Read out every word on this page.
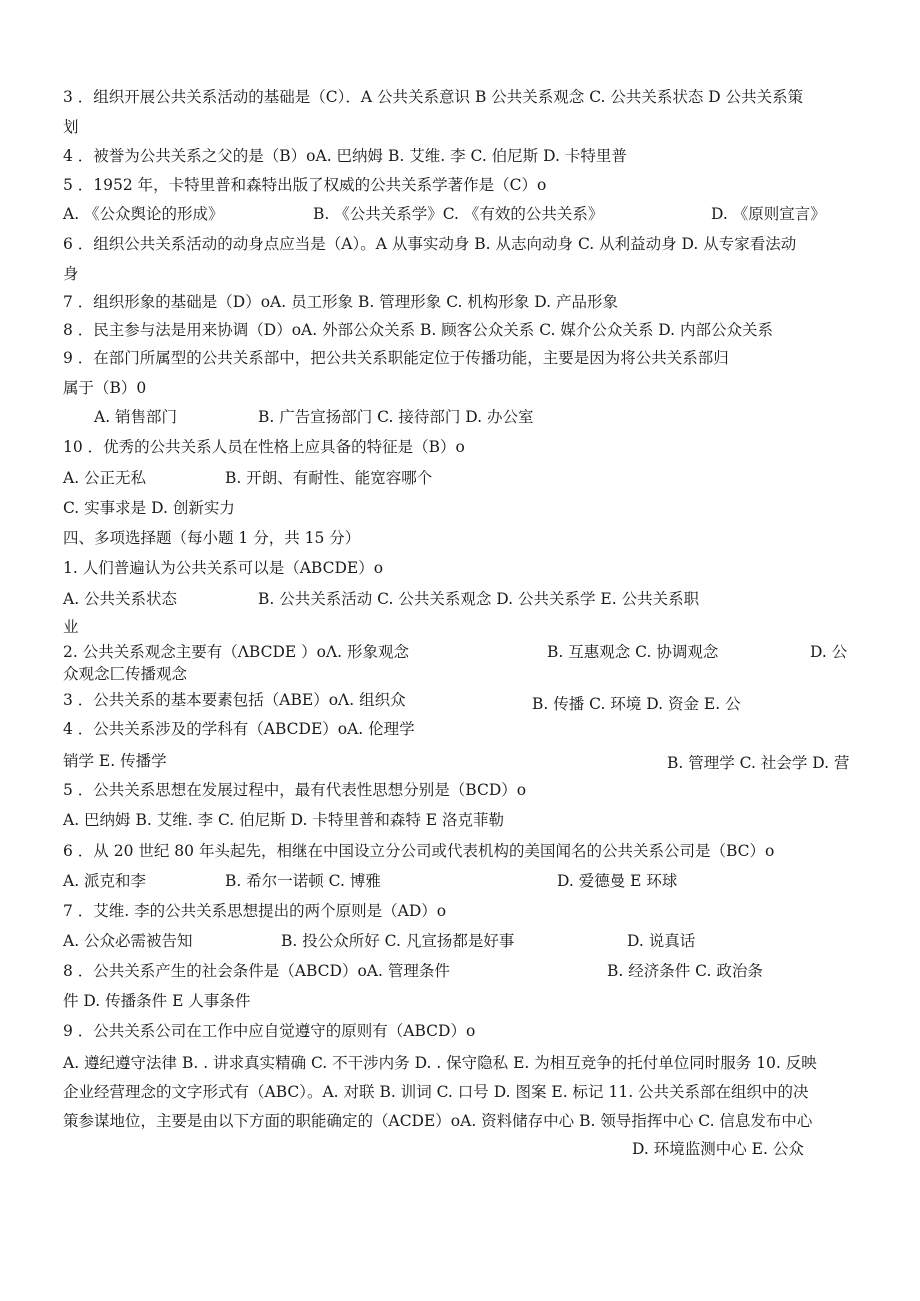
3 ．组织开展公共关系活动的基础是（C）．A 公共关系意识 B 公共关系观念 C. 公共关系状态 D 公共关系策
划
4 ．被誉为公共关系之父的是（B）oA. 巴纳姆 B. 艾维. 李 C. 伯尼斯 D. 卡特里普
5 ．1952 年，卡特里普和森特出版了权威的公共关系学著作是（C）o
A. 《公众舆论的形成》	B. 《公共关系学》C. 《有效的公共关系》	D. 《原则宣言》
6 ．组织公共关系活动的动身点应当是（A）。A 从事实动身 B. 从志向动身 C. 从利益动身 D. 从专家看法动
身
7 ．组织形象的基础是（D）oA. 员工形象 B. 管理形象 C. 机构形象 D. 产品形象
8 ．民主参与法是用来协调（D）oA. 外部公众关系 B. 顾客公众关系 C. 媒介公众关系 D. 内部公众关系
9 ．在部门所属型的公共关系部中，把公共关系职能定位于传播功能，主要是因为将公共关系部归
属于（B）0
A. 销售部门	B. 广告宣扬部门 C. 接待部门 D. 办公室
10 ．优秀的公共关系人员在性格上应具备的特征是（B）o
A. 公正无私	B. 开朗、有耐性、能宽容哪个
C. 实事求是 D. 创新实力
四、多项选择题（每小题 1 分，共 15 分）
1. 人们普遍认为公共关系可以是（ABCDE）o
A. 公共关系状态	B. 公共关系活动 C. 公共关系观念 D. 公共关系学 E. 公共关系职
业
2. 公共关系观念主要有（ΛBCDE ）oΛ. 形象观念	B. 互惠观念 C. 协调观念	D. 公
众观念匚传播观念
3 ．公共关系的基本要素包括（ABE）oΛ. 组织众	B. 传播 C. 环境 D. 资金 E. 公
4 ．公共关系涉及的学科有（ABCDE）oA. 伦理学
销学 E. 传播学	B. 管理学 C. 社会学 D. 营
5 ．公共关系思想在发展过程中，最有代表性思想分别是（BCD）o
A. 巴纳姆 B. 艾维. 李 C. 伯尼斯 D. 卡特里普和森特 E 洛克菲勒
6 ．从 20 世纪 80 年头起先，相继在中国设立分公司或代表机构的美国闻名的公共关系公司是（BC）o
A. 派克和李	B. 希尔一诺顿 C. 博雅	D. 爱德曼 E 环球
7 ．艾维. 李的公共关系思想提出的两个原则是（AD）o
A. 公众必需被告知	B. 投公众所好 C. 凡宣扬都是好事	D. 说真话
8 ．公共关系产生的社会条件是（ABCD）oA. 管理条件	B. 经济条件 C. 政治条
件 D. 传播条件 E 人事条件
9 ．公共关系公司在工作中应自觉遵守的原则有（ABCD）o
A. 遵纪遵守法律 B. . 讲求真实精确 C. 不干涉内务 D. . 保守隐私 E. 为相互竞争的托付单位同时服务 10. 反映
企业经营理念的文字形式有（ABC）。A. 对联 B. 训词 C. 口号 D. 图案 E. 标记 11. 公共关系部在组织中的决
策参谋地位，主要是由以下方面的职能确定的（ACDE）oA. 资料储存中心 B. 领导指挥中心 C. 信息发布中心
D. 环境监测中心 E. 公众
